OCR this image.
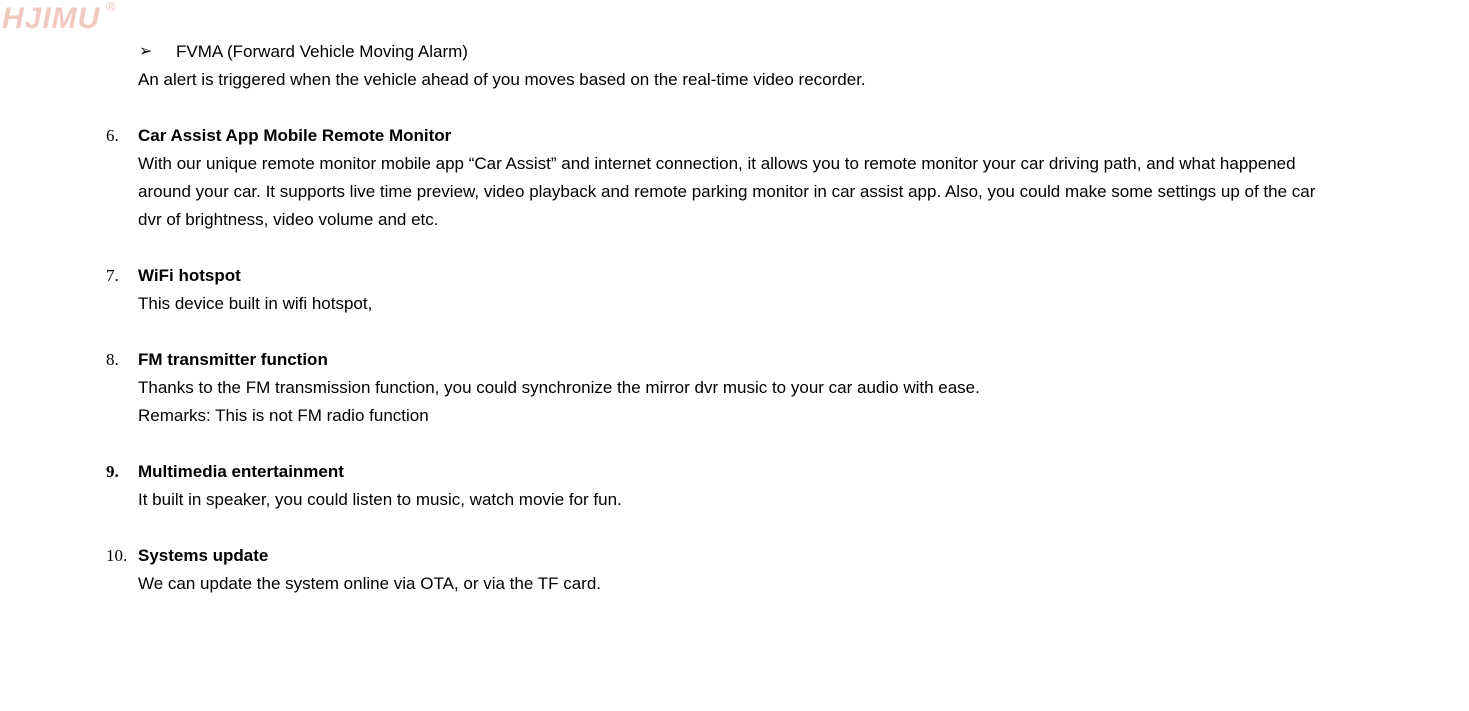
HJIMU ®
➢ FVMA (Forward Vehicle Moving Alarm)
An alert is triggered when the vehicle ahead of you moves based on the real-time video recorder.
6. Car Assist App Mobile Remote Monitor
With our unique remote monitor mobile app “Car Assist” and internet connection, it allows you to remote monitor your car driving path, and what happened
around your car. It supports live time preview, video playback and remote parking monitor in car assist app. Also, you could make some settings up of the car
dvr of brightness, video volume and etc.
7. WiFi hotspot
This device built in wifi hotspot,
8. FM transmitter function
Thanks to the FM transmission function, you could synchronize the mirror dvr music to your car audio with ease.
Remarks: This is not FM radio function
9. Multimedia entertainment
It built in speaker, you could listen to music, watch movie for fun.
10. Systems update
We can update the system online via OTA, or via the TF card.
